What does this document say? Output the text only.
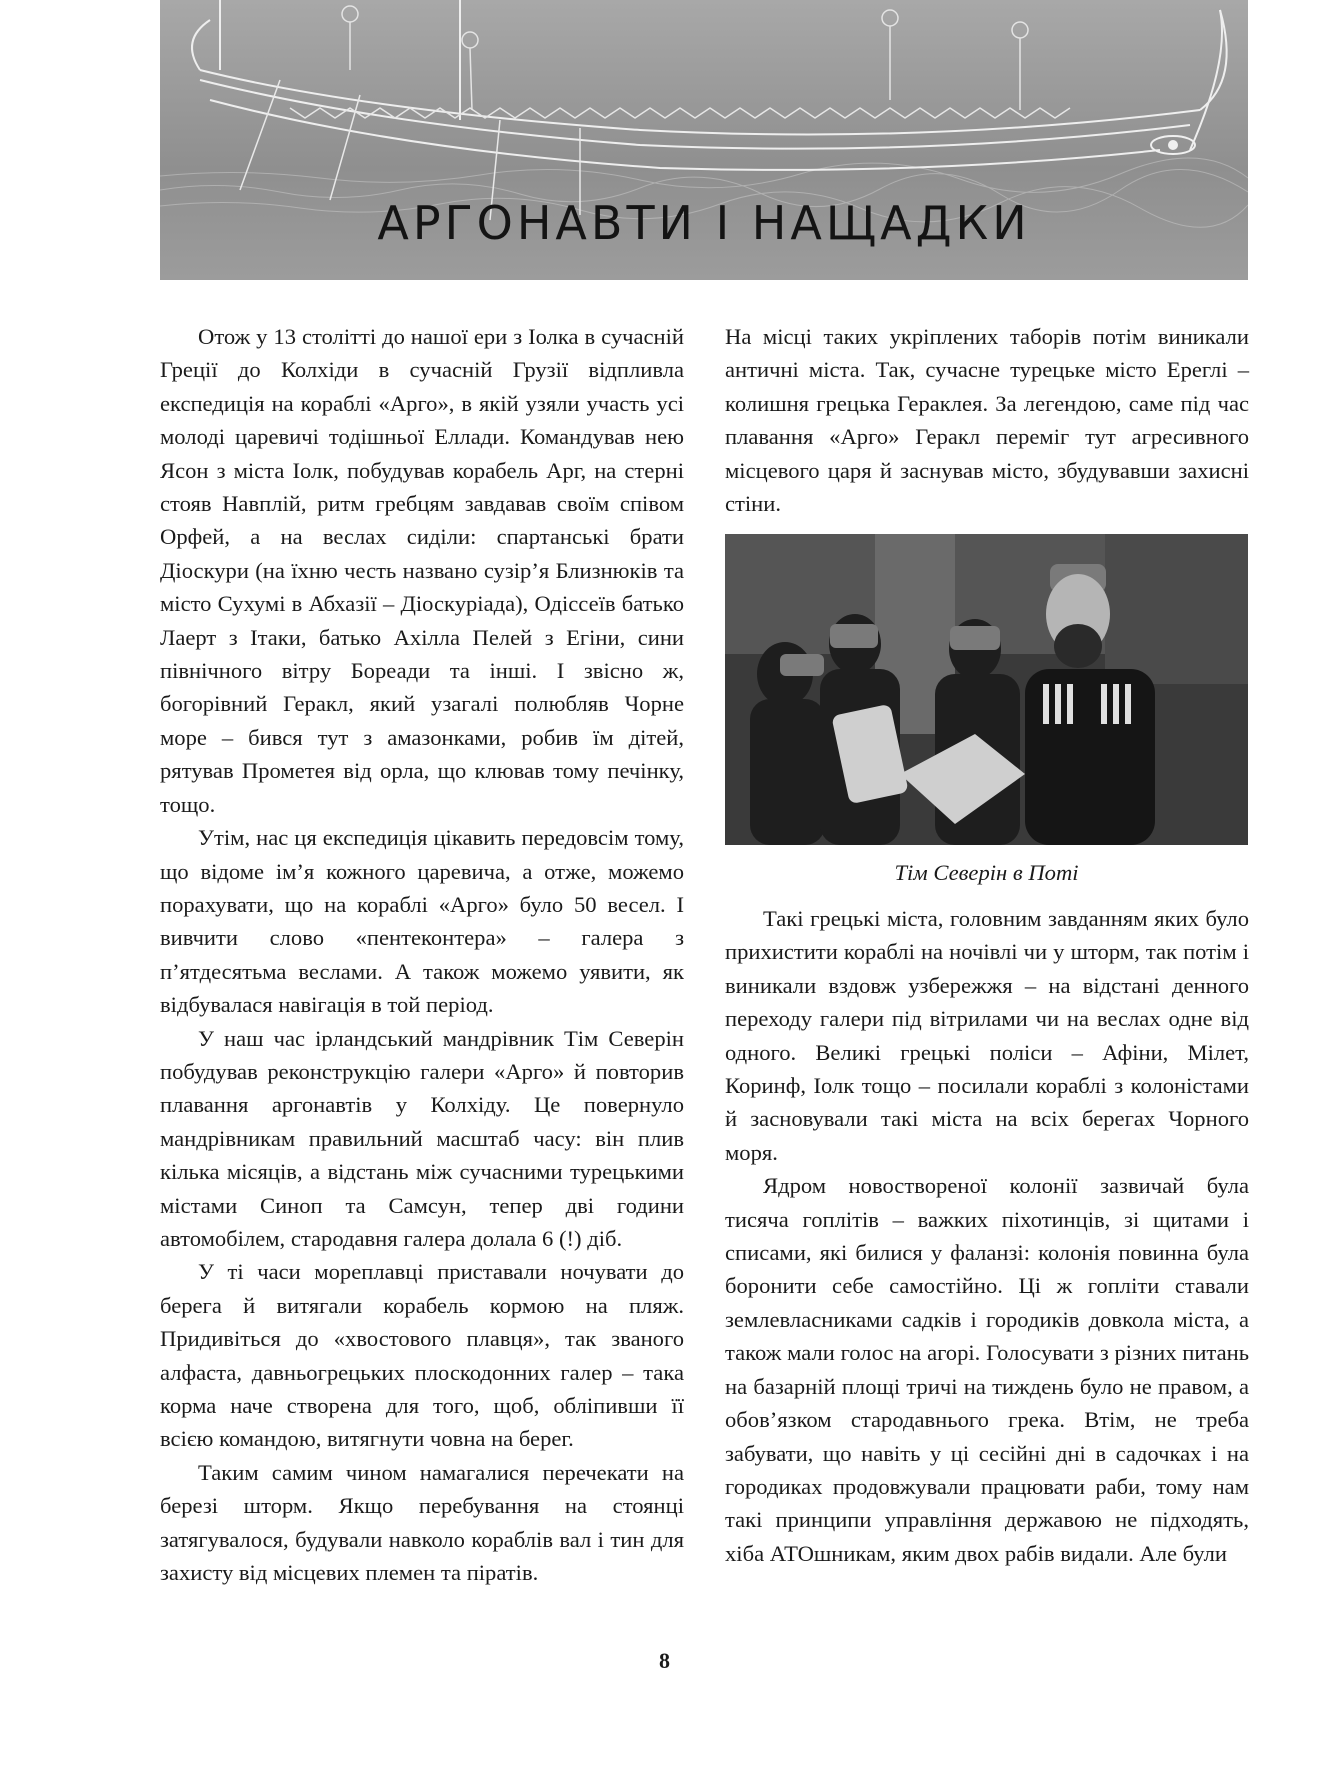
АРГОНАВТИ І НАЩАДКИ

Отож у 13 столітті до нашої ери з Іолка в сучасній Греції до Колхіди в сучасній Грузії відпливла експедиція на кораблі «Арго», в якій узяли участь усі молоді царевичі тодішньої Еллади. Командував нею Ясон з міста Іолк, побудував корабель Арг, на стерні стояв Навплій, ритм гребцям завдавав своїм співом Орфей, а на веслах сиділи: спартанські брати Діоскури (на їхню честь названо сузір’я Близнюків та місто Сухумі в Абхазії – Діоскуріада), Одіссеїв батько Лаерт з Ітаки, батько Ахілла Пелей з Егіни, сини північного вітру Бореади та інші. І звісно ж, богорівний Геракл, який узагалі полюбляв Чорне море – бився тут з амазонками, робив їм дітей, рятував Прометея від орла, що клював тому печінку, тощо.

Утім, нас ця експедиція цікавить передовсім тому, що відоме ім’я кожного царевича, а отже, можемо порахувати, що на кораблі «Арго» було 50 весел. І вивчити слово «пентеконтера» – галера з п’ятдесятьма веслами. А також можемо уявити, як відбувалася навігація в той період.

У наш час ірландський мандрівник Тім Северін побудував реконструкцію галери «Арго» й повторив плавання аргонавтів у Колхіду. Це повернуло мандрівникам правильний масштаб часу: він плив кілька місяців, а відстань між сучасними турецькими містами Синоп та Самсун, тепер дві години автомобілем, стародавня галера долала 6 (!) діб.

У ті часи мореплавці приставали ночувати до берега й витягали корабель кормою на пляж. Придивіться до «хвостового плавця», так званого алфаста, давньогрецьких плоскодонних галер – така корма наче створена для того, щоб, обліпивши її всією командою, витягнути човна на берег.

Таким самим чином намагалися перечекати на березі шторм. Якщо перебування на стоянці затягувалося, будували навколо кораблів вал і тин для захисту від місцевих племен та піратів.

На місці таких укріплених таборів потім виникали античні міста. Так, сучасне турецьке місто Ерeглі – колишня грецька Гераклея. За легендою, саме під час плавання «Арго» Геракл переміг тут агресивного місцевого царя й заснував місто, збудувавши захисні стіни.

Тім Северін в Поті

Такі грецькі міста, головним завданням яких було прихистити кораблі на ночівлі чи у шторм, так потім і виникали вздовж узбережжя – на відстані денного переходу галери під вітрилами чи на веслах одне від одного. Великі грецькі поліси – Афіни, Мілет, Коринф, Іолк тощо – посилали кораблі з колоністами й засновували такі міста на всіх берегах Чорного моря.

Ядром новоствореної колонії зазвичай була тисяча гоплітів – важких піхотинців, зі щитами і списами, які билися у фаланзі: колонія повинна була боронити себе самостійно. Ці ж гопліти ставали землевласниками садків і городиків довкола міста, а також мали голос на агорі. Голосувати з різних питань на базарній площі тричі на тиждень було не правом, а обов’язком стародавнього грека. Втім, не треба забувати, що навіть у ці сесійні дні в садочках і на городиках продовжували працювати раби, тому нам такі принципи управління державою не підходять, хіба АТОшникам, яким двох рабів видали. Але були

8
